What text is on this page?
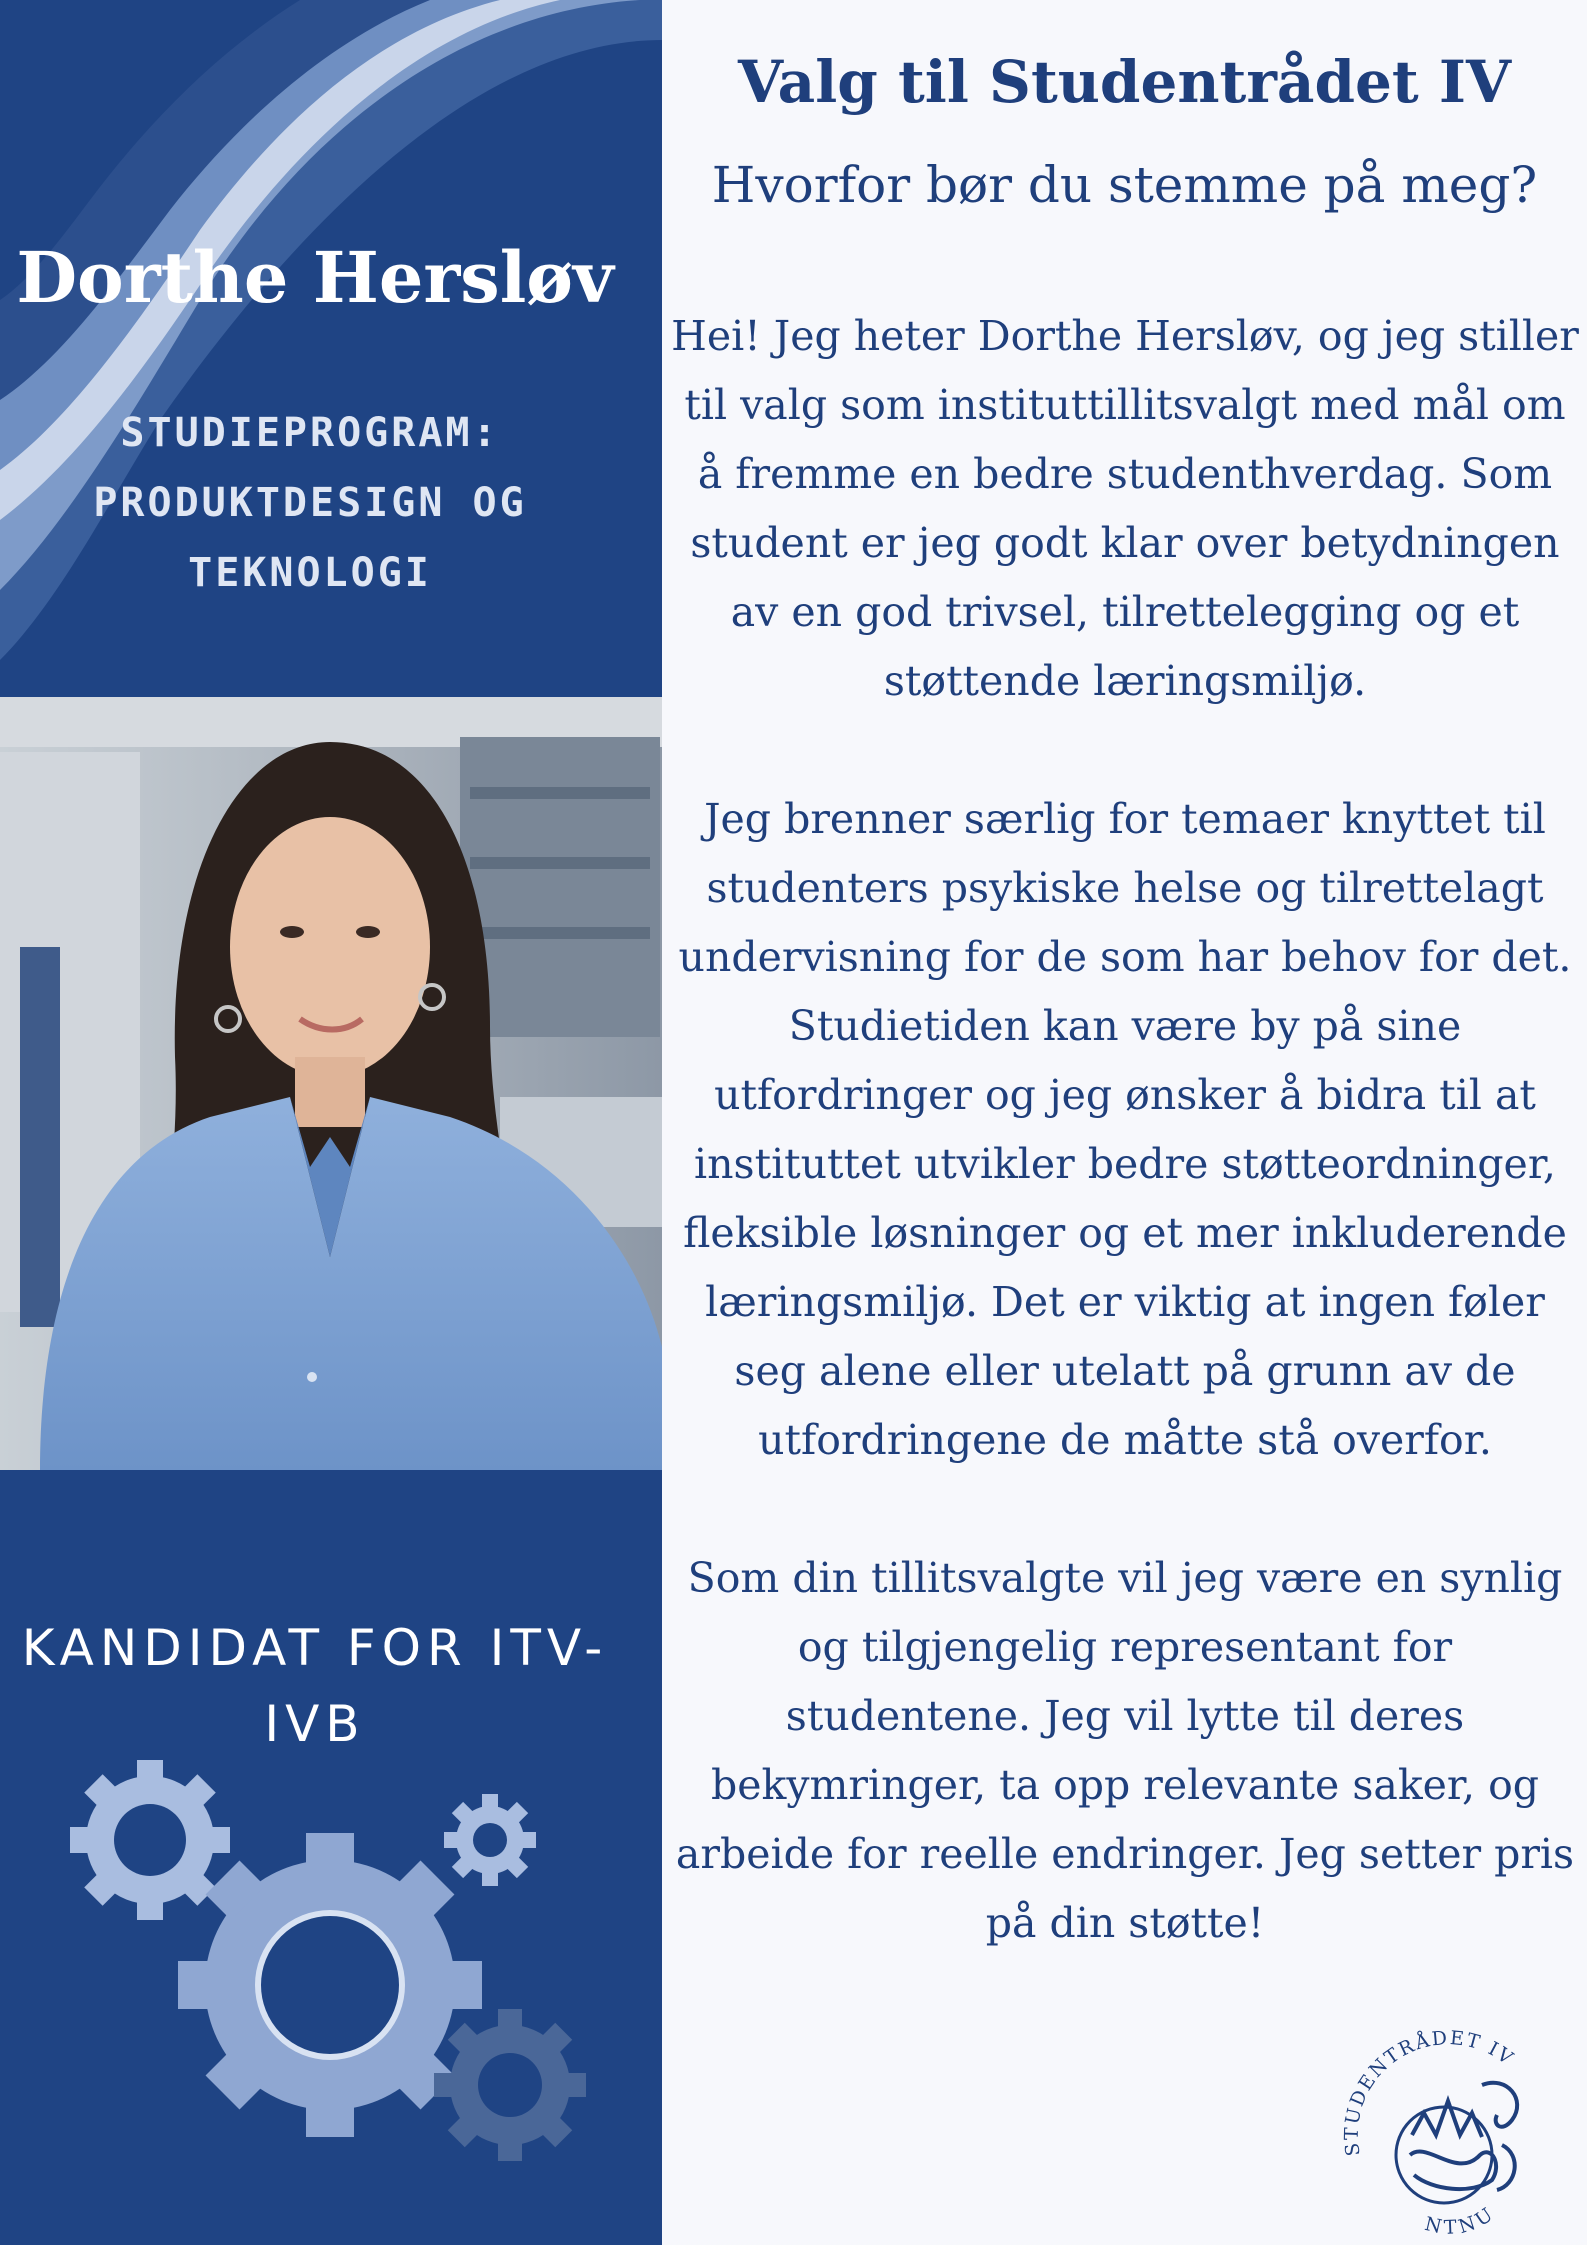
Dorthe Hersløv
STUDIEPROGRAM: PRODUKTDESIGN OG TEKNOLOGI
KANDIDAT FOR ITV-IVB
Valg til Studentrådet IV
Hvorfor bør du stemme på meg?

Hei! Jeg heter Dorthe Hersløv, og jeg stiller til valg som instituttillitsvalgt med mål om å fremme en bedre studenthverdag. Som student er jeg godt klar over betydningen av en god trivsel, tilrettelegging og et støttende læringsmiljø.

Jeg brenner særlig for temaer knyttet til studenters psykiske helse og tilrettelagt undervisning for de som har behov for det. Studietiden kan være by på sine utfordringer og jeg ønsker å bidra til at instituttet utvikler bedre støtteordninger, fleksible løsninger og et mer inkluderende læringsmiljø. Det er viktig at ingen føler seg alene eller utelatt på grunn av de utfordringene de måtte stå overfor.

Som din tillitsvalgte vil jeg være en synlig og tilgjengelig representant for studentene. Jeg vil lytte til deres bekymringer, ta opp relevante saker, og arbeide for reelle endringer. Jeg setter pris på din støtte!

STUDENTRÅDET IV
NTNU
